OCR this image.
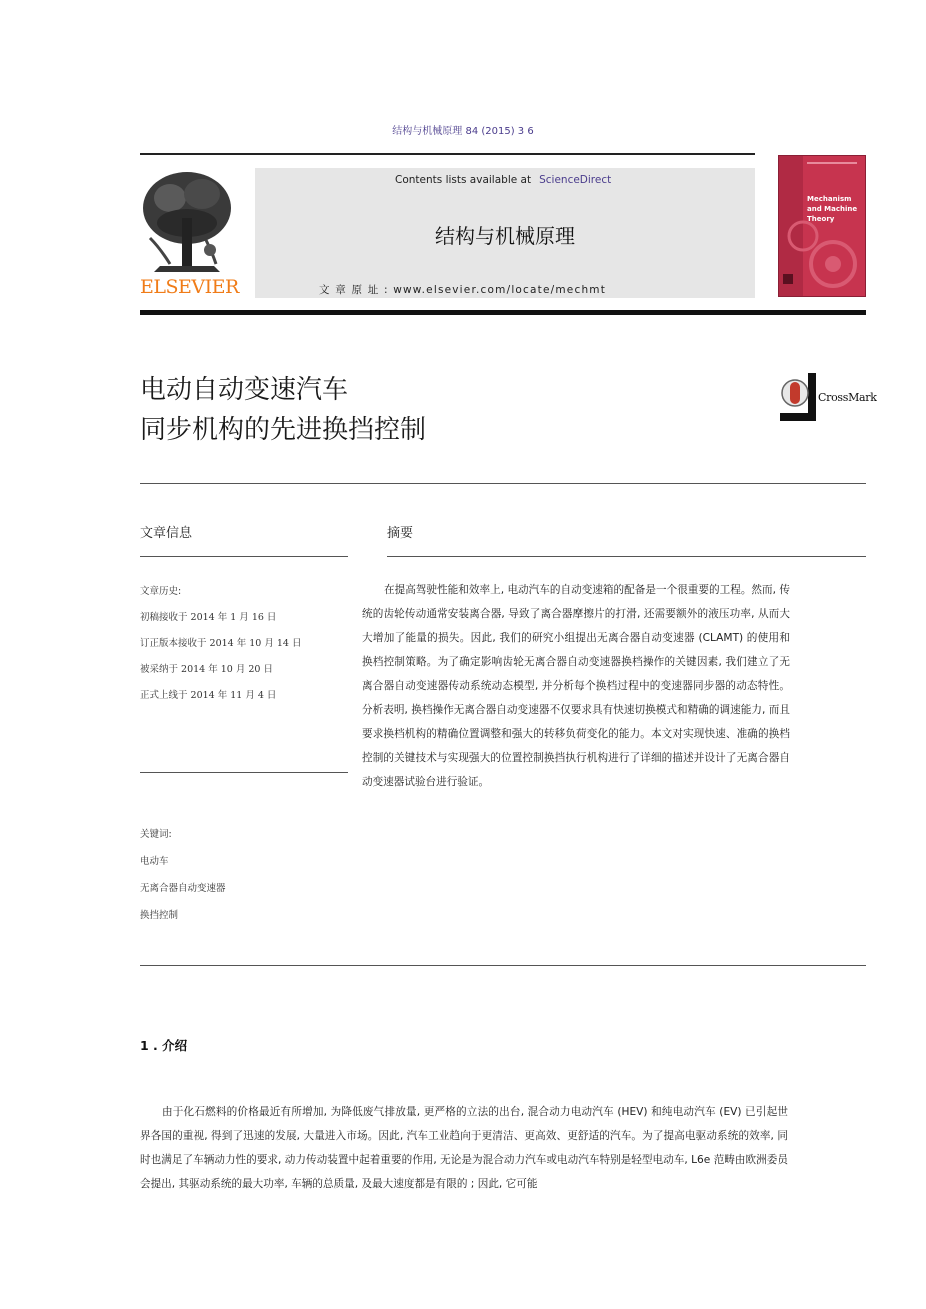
结构与机械原理 84 (2015) 3 6
ELSEVIER
Contents lists available at ScienceDirect
结构与机械原理
文 章 原 址 : www.elsevier.com/locate/mechmt
Mechanism and Machine Theory
电动自动变速汽车
同步机构的先进换挡控制
CrossMark
文章信息
文章历史:
初稿接收于 2014 年 1 月 16 日
订正版本接收于 2014 年 10 月 14 日
被采纳于 2014 年 10 月 20 日
正式上线于 2014 年 11 月 4 日
关键词:
电动车
无离合器自动变速器
换挡控制
摘要
在提高驾驶性能和效率上, 电动汽车的自动变速箱的配备是一个很重要的工程。然而, 传统的齿轮传动通常安装离合器, 导致了离合器摩擦片的打滑, 还需要额外的液压功率, 从而大大增加了能量的损失。因此, 我们的研究小组提出无离合器自动变速器 (CLAMT) 的使用和换档控制策略。为了确定影响齿轮无离合器自动变速器换档操作的关键因素, 我们建立了无离合器自动变速器传动系统动态模型, 并分析每个换档过程中的变速器同步器的动态特性。分析表明, 换档操作无离合器自动变速器不仅要求具有快速切换模式和精确的调速能力, 而且要求换档机构的精确位置调整和强大的转移负荷变化的能力。本文对实现快速、准确的换档控制的关键技术与实现强大的位置控制换挡执行机构进行了详细的描述并设计了无离合器自动变速器试验台进行验证。
1 . 介绍
由于化石燃料的价格最近有所增加, 为降低废气排放量, 更严格的立法的出台, 混合动力电动汽车 (HEV) 和纯电动汽车 (EV) 已引起世界各国的重视, 得到了迅速的发展, 大量进入市场。因此, 汽车工业趋向于更清洁、更高效、更舒适的汽车。为了提高电驱动系统的效率, 同时也满足了车辆动力性的要求, 动力传动装置中起着重要的作用, 无论是为混合动力汽车或电动汽车特别是轻型电动车, L6e 范畴由欧洲委员会提出, 其驱动系统的最大功率, 车辆的总质量, 及最大速度都是有限的 ; 因此, 它可能
